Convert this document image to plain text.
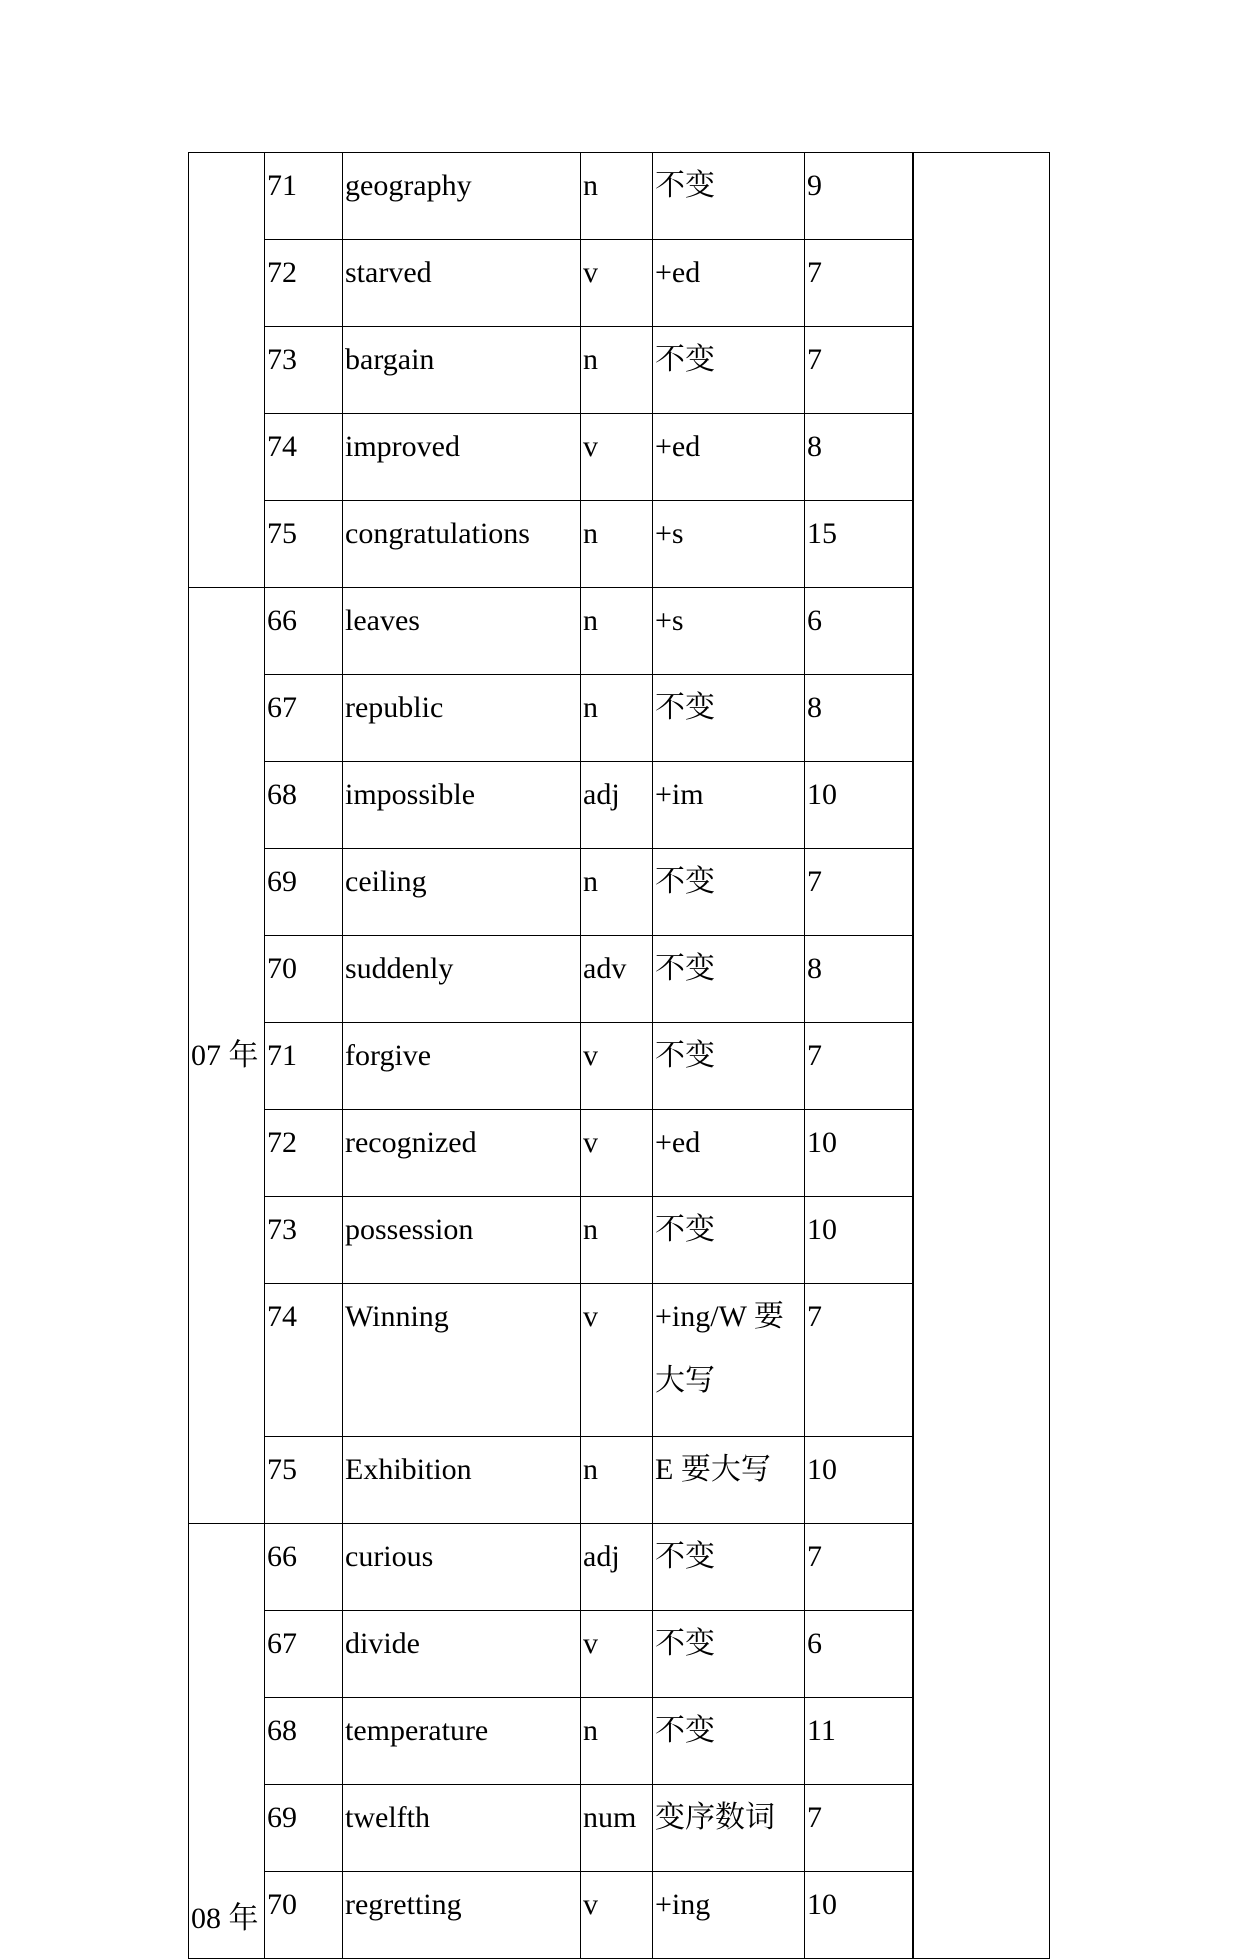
	71	geography	n	不变	9	
	72	starved	v	+ed	7	
	73	bargain	n	不变	7	
	74	improved	v	+ed	8	
	75	congratulations	n	+s	15	
07 年	66	leaves	n	+s	6	
	67	republic	n	不变	8	
	68	impossible	adj	+im	10	
	69	ceiling	n	不变	7	
	70	suddenly	adv	不变	8	
	71	forgive	v	不变	7	
	72	recognized	v	+ed	10	
	73	possession	n	不变	10	
	74	Winning	v	+ing/W 要大写	7	
	75	Exhibition	n	E 要大写	10	
08 年	66	curious	adj	不变	7	
	67	divide	v	不变	6	
	68	temperature	n	不变	11	
	69	twelfth	num	变序数词	7	
	70	regretting	v	+ing	10	
